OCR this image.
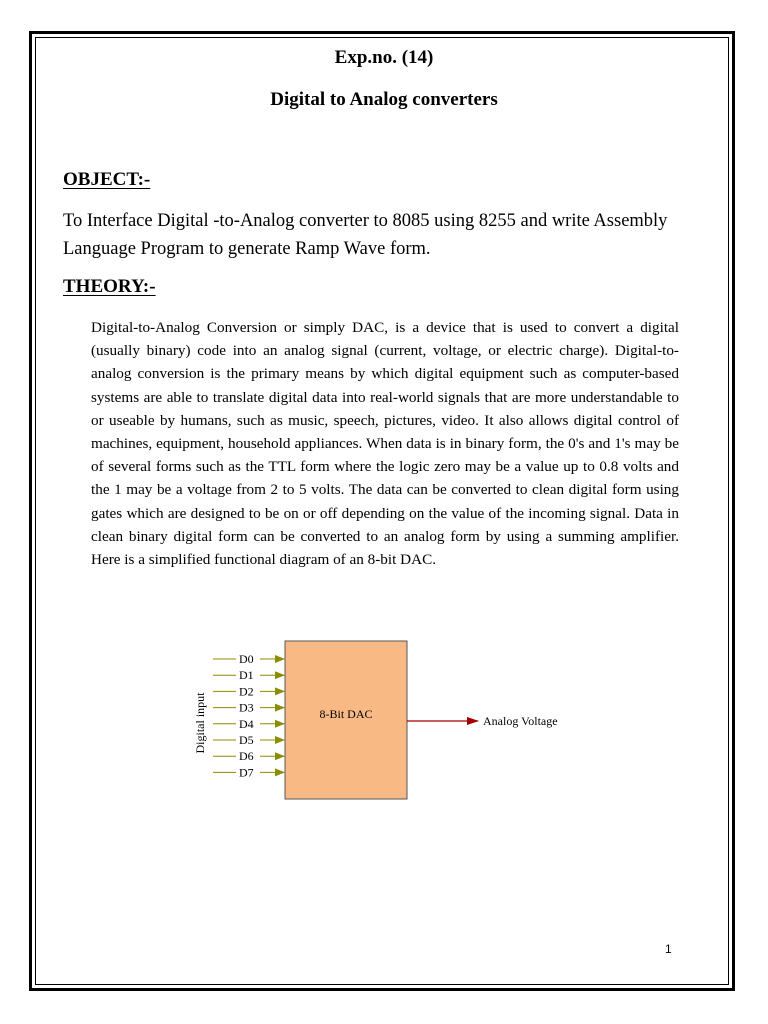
Exp.no. (14)
Digital to Analog converters
OBJECT:-
To Interface Digital -to-Analog converter to 8085 using 8255 and write Assembly Language Program to generate Ramp Wave form.
THEORY:-
Digital-to-Analog Conversion or simply DAC, is a device that is used to convert a digital (usually binary) code into an analog signal (current, voltage, or electric charge). Digital-to-analog conversion is the primary means by which digital equipment such as computer-based systems are able to translate digital data into real-world signals that are more understandable to or useable by humans, such as music, speech, pictures, video. It also allows digital control of machines, equipment, household appliances. When data is in binary form, the 0's and 1's may be of several forms such as the TTL form where the logic zero may be a value up to 0.8 volts and the 1 may be a voltage from 2 to 5 volts. The data can be converted to clean digital form using gates which are designed to be on or off depending on the value of the incoming signal. Data in clean binary digital form can be converted to an analog form by using a summing amplifier. Here is a simplified functional diagram of an 8-bit DAC.
Digital input
D0
D1
D2
D3
D4
D5
D6
D7
8-Bit DAC	Analog Voltage
1
